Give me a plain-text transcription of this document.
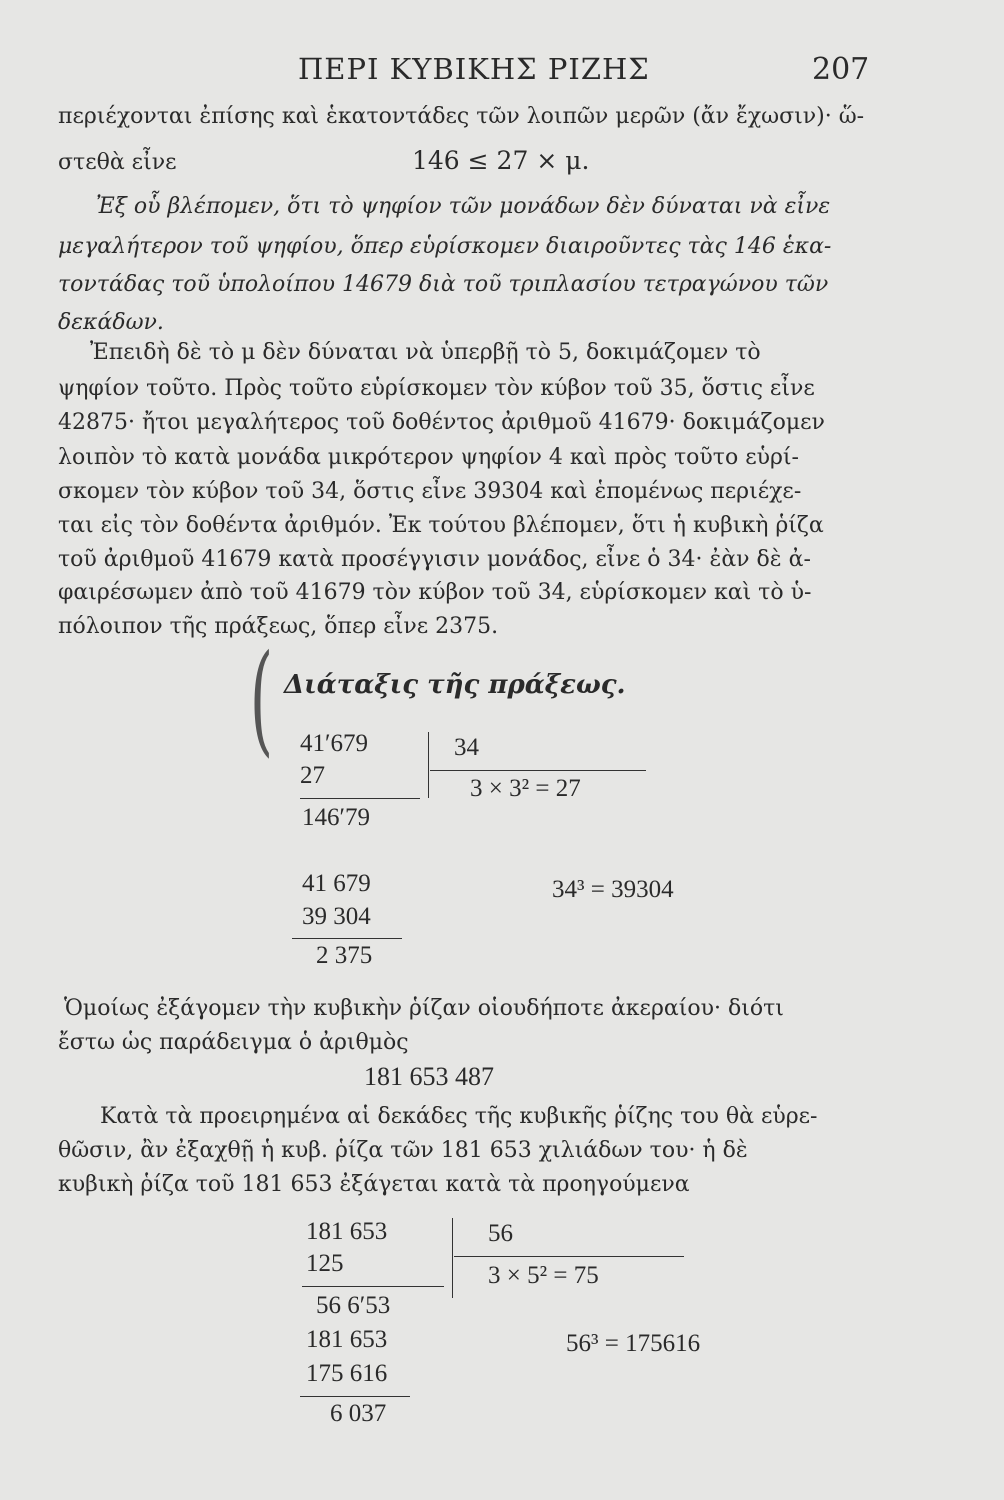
ΠΕΡΙ ΚΥΒΙΚΗΣ ΡΙΖΗΣ	207
περιέχονται ἐπίσης καὶ ἑκατοντάδες τῶν λοιπῶν μερῶν (ἄν ἔχωσιν)· ὥ-
στεθὰ εἶνε	146 ≤ 27 × μ.
Ἐξ οὗ βλέπομεν, ὅτι τὸ ψηφίον τῶν μονάδων δὲν δύναται νὰ εἶνε
μεγαλήτερον τοῦ ψηφίου, ὅπερ εὑρίσκομεν διαιροῦντες τὰς 146 ἑκα-
τοντάδας τοῦ ὑπολοίπου 14679 διὰ τοῦ τριπλασίου τετραγώνου τῶν
δεκάδων.
Ἐπειδὴ δὲ τὸ μ δὲν δύναται νὰ ὑπερβῇ τὸ 5, δοκιμάζομεν τὸ
ψηφίον τοῦτο. Πρὸς τοῦτο εὑρίσκομεν τὸν κύβον τοῦ 35, ὅστις εἶνε
42875· ἤτοι μεγαλήτερος τοῦ δοθέντος ἀριθμοῦ 41679· δοκιμάζομεν
λοιπὸν τὸ κατὰ μονάδα μικρότερον ψηφίον 4 καὶ πρὸς τοῦτο εὑρί-
σκομεν τὸν κύβον τοῦ 34, ὅστις εἶνε 39304 καὶ ἑπομένως περιέχε-
ται εἰς τὸν δοθέντα ἀριθμόν. Ἐκ τούτου βλέπομεν, ὅτι ἡ κυβικὴ ῥίζα
τοῦ ἀριθμοῦ 41679 κατὰ προσέγγισιν μονάδος, εἶνε ὁ 34· ἐὰν δὲ ἀ-
φαιρέσωμεν ἀπὸ τοῦ 41679 τὸν κύβον τοῦ 34, εὑρίσκομεν καὶ τὸ ὑ-
πόλοιπον τῆς πράξεως, ὅπερ εἶνε 2375.
( Διάταξις τῆς πράξεως.
41′679
27
146′79
34
3 × 3² = 27
41 679
39 304
2 375
34³ = 39304
Ὁμοίως ἐξάγομεν τὴν κυβικὴν ῥίζαν οἱουδήποτε ἀκεραίου· διότι
ἔστω ὡς παράδειγμα ὁ ἀριθμὸς
181 653 487
Κατὰ τὰ προειρημένα αἱ δεκάδες τῆς κυβικῆς ῥίζης του θὰ εὑρε-
θῶσιν, ἂν ἐξαχθῇ ἡ κυβ. ῥίζα τῶν 181 653 χιλιάδων του· ἡ δὲ
κυβικὴ ῥίζα τοῦ 181 653 ἐξάγεται κατὰ τὰ προηγούμενα
181 653
125
56 6′53
56
3 × 5² = 75
181 653
175 616
6 037
56³ = 175616
